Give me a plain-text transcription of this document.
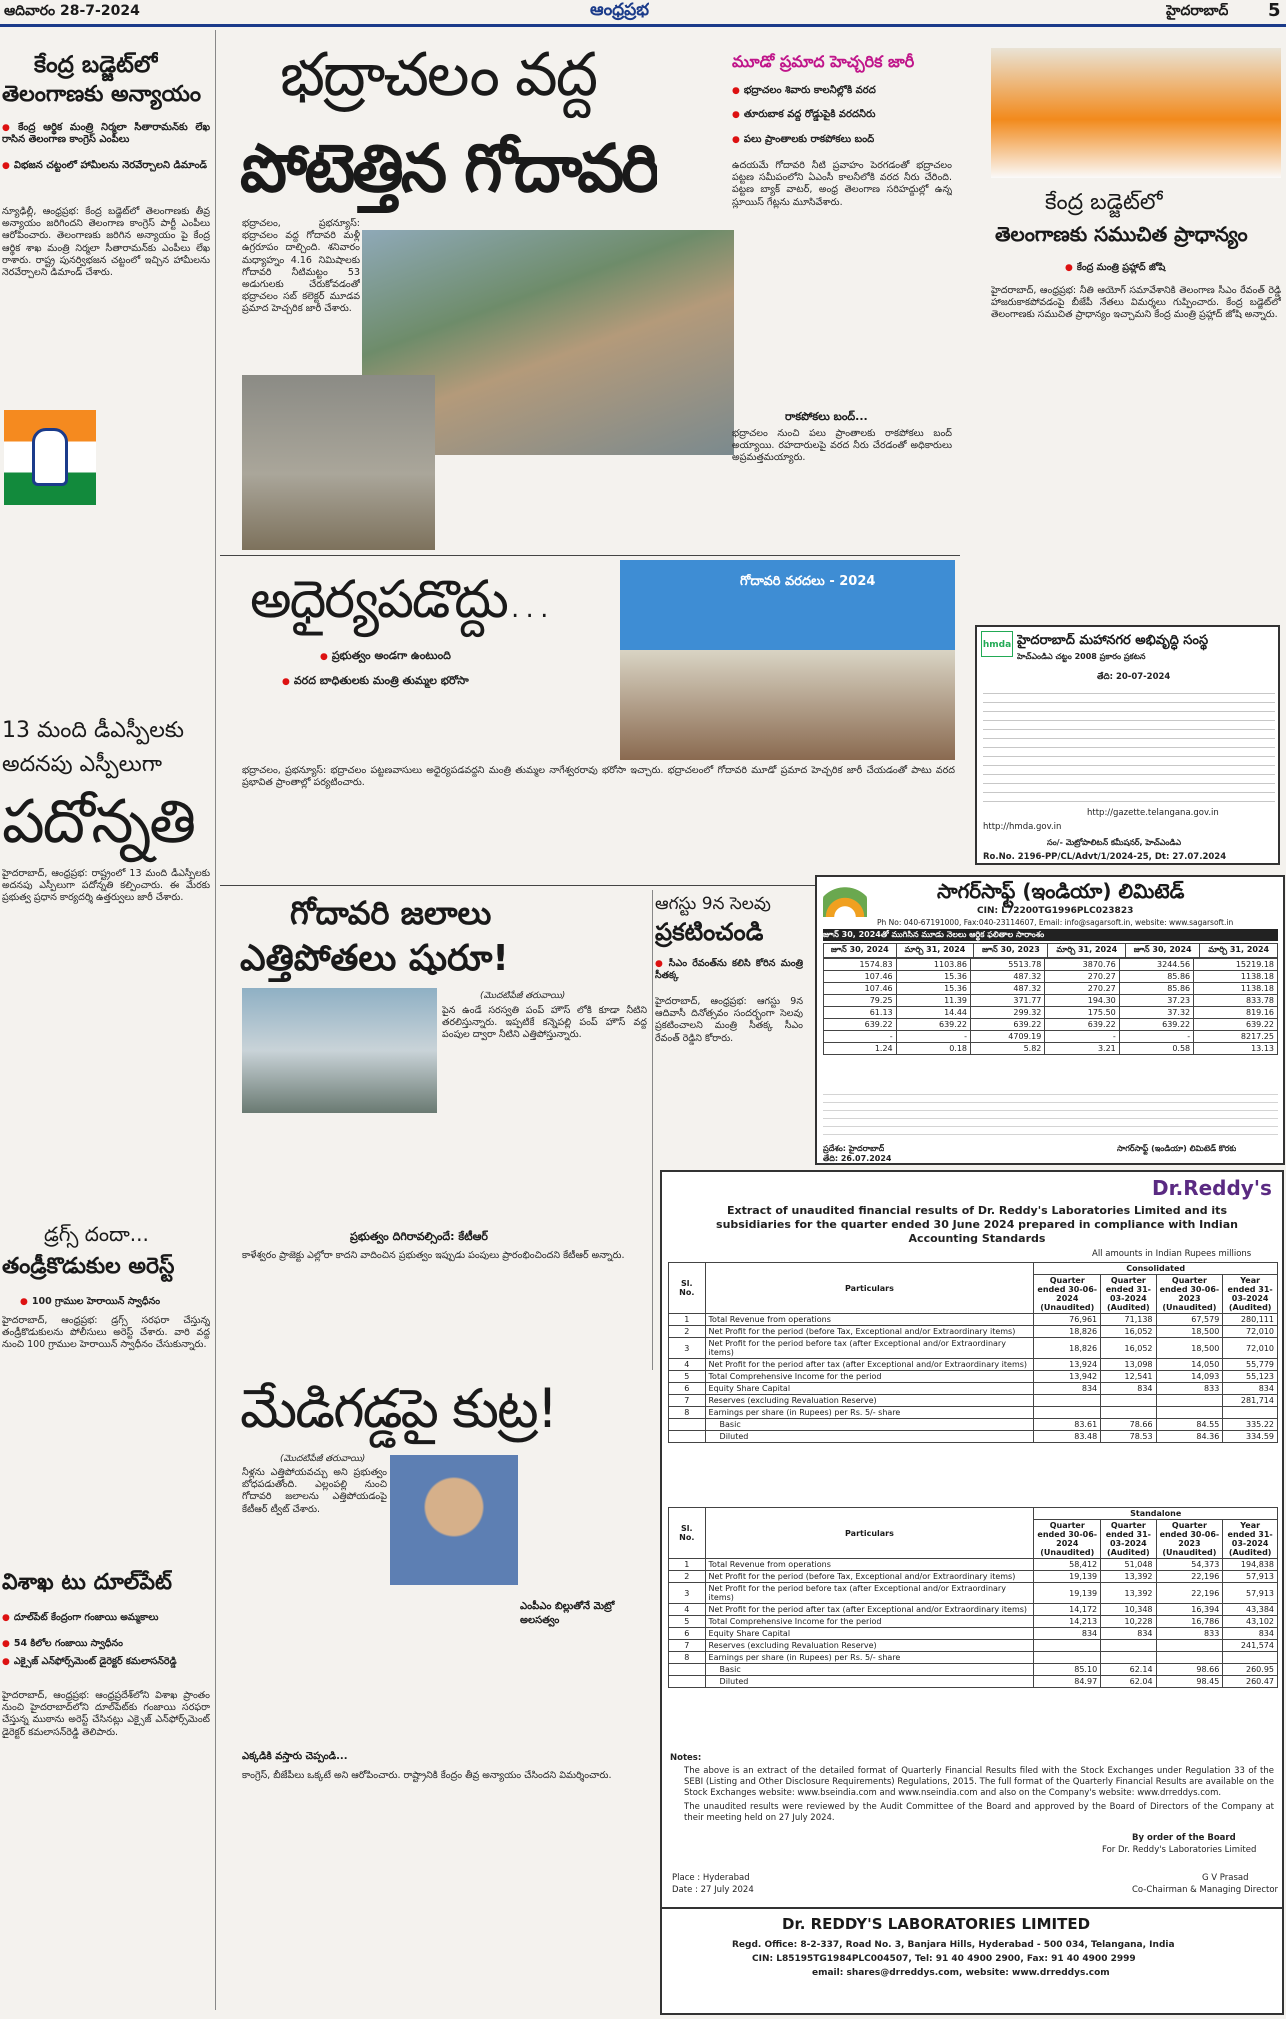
ఆదివారం 28-7-2024	ఆంధ్రప్రభ	హైదరాబాద్ 5
కేంద్ర బడ్జెట్‌లో
తెలంగాణకు అన్యాయం
● కేంద్ర ఆర్థిక మంత్రి నిర్మలా సీతారామన్‌కు లేఖ రాసిన తెలంగాణ కాంగ్రెస్ ఎంపీలు
● విభజన చట్టంలో హామీలను నెరవేర్చాలని డిమాండ్
న్యూఢిల్లీ, ఆంధ్రప్రభ: కేంద్ర బడ్జెట్‌లో తెలంగాణకు తీవ్ర అన్యాయం జరిగిందని తెలంగాణ కాంగ్రెస్ పార్టీ ఎంపీలు ఆరోపించారు. తెలంగాణకు జరిగిన అన్యాయం పై కేంద్ర ఆర్థిక శాఖ మంత్రి నిర్మలా సీతారామన్‌కు ఎంపీలు లేఖ రాశారు. రాష్ట్ర పునర్విభజన చట్టంలో ఇచ్చిన హామీలను నెరవేర్చాలని డిమాండ్ చేశారు.
13 మంది డీఎస్పీలకు అదనపు ఎస్పీలుగా
పదోన్నతి
హైదరాబాద్, ఆంధ్రప్రభ: రాష్ట్రంలో 13 మంది డీఎస్పీలకు అదనపు ఎస్పీలుగా పదోన్నతి కల్పించారు. ఈ మేరకు ప్రభుత్వ ప్రధాన కార్యదర్శి ఉత్తర్వులు జారీ చేశారు.
డ్రగ్స్ దందా...
తండ్రీకొడుకుల అరెస్ట్
● 100 గ్రాముల హెరాయిన్ స్వాధీనం
హైదరాబాద్, ఆంధ్రప్రభ: డ్రగ్స్ సరఫరా చేస్తున్న తండ్రీకొడుకులను పోలీసులు అరెస్ట్ చేశారు. వారి వద్ద నుంచి 100 గ్రాముల హెరాయిన్ స్వాధీనం చేసుకున్నారు.
విశాఖ టు దూల్‌పేట్
● దూల్‌పేట్ కేంద్రంగా గంజాయి అమ్మకాలు
● 54 కిలోల గంజాయి స్వాధీనం
● ఎక్సైజ్ ఎన్‌ఫోర్స్‌మెంట్ డైరెక్టర్ కమలాసన్‌రెడ్డి
హైదరాబాద్, ఆంధ్రప్రభ: ఆంధ్రప్రదేశ్‌లోని విశాఖ ప్రాంతం నుంచి హైదరాబాద్‌లోని దూల్‌పేట్‌కు గంజాయి సరఫరా చేస్తున్న ముఠాను అరెస్ట్ చేసినట్లు ఎక్సైజ్ ఎన్‌ఫోర్స్‌మెంట్ డైరెక్టర్ కమలాసన్‌రెడ్డి తెలిపారు.
భద్రాచలం వద్ద
పోటెత్తిన గోదావరి
మూడో ప్రమాద హెచ్చరిక జారీ
● భద్రాచలం శివారు కాలనీల్లోకి వరద
● తూరుబాక వద్ద రోడ్డుపైకి వరదనీరు
● పలు ప్రాంతాలకు రాకపోకలు బంద్
ఉదయమే గోదావరి నీటి ప్రవాహం పెరగడంతో భద్రాచలం పట్టణ సమీపంలోని ఏఎంసీ కాలనీలోకి వరద నీరు చేరింది. పట్టణ బ్యాక్ వాటర్, అంధ్ర తెలంగాణ సరిహద్దుల్లో ఉన్న స్లూయిస్ గేట్లను మూసివేశారు.
భద్రాచలం, ప్రభన్యూస్: భద్రాచలం వద్ద గోదావరి మళ్లీ ఉగ్రరూపం దాల్చింది. శనివారం మధ్యాహ్నం 4.16 నిమిషాలకు గోదావరి నీటిమట్టం 53 అడుగులకు చేరుకోవడంతో భద్రాచలం సబ్ కలెక్టర్ మూడవ ప్రమాద హెచ్చరిక జారీ చేశారు.
రాకపోకలు బంద్...
భద్రాచలం నుంచి పలు ప్రాంతాలకు రాకపోకలు బంద్ అయ్యాయి. రహదారులపై వరద నీరు చేరడంతో అధికారులు అప్రమత్తమయ్యారు.
అధైర్యపడొద్దు...
● ప్రభుత్వం అండగా ఉంటుంది
● వరద బాధితులకు మంత్రి తుమ్మల భరోసా
గోదావరి వరదలు - 2024
భద్రాచలం, ప్రభన్యూస్: భద్రాచలం పట్టణవాసులు అధైర్యపడవద్దని మంత్రి తుమ్మల నాగేశ్వరరావు భరోసా ఇచ్చారు. భద్రాచలంలో గోదావరి మూడో ప్రమాద హెచ్చరిక జారీ చేయడంతో పాటు వరద ప్రభావిత ప్రాంతాల్లో పర్యటించారు.
గోదావరి జలాలు
ఎత్తిపోతలు షురూ!
(మొదటిపేజీ తరువాయి)
పైన ఉండే సరస్వతి పంప్ హౌస్ లోకి కూడా నీటిని తరలిస్తున్నారు. ఇప్పటికే కన్నెపల్లి పంప్ హౌస్ వద్ద పంపుల ద్వారా నీటిని ఎత్తిపోస్తున్నారు.
ప్రభుత్వం దిగిరావ‌ల్సిందే: కేటీఆర్
కాళేశ్వరం ప్రాజెక్టు ఎల్లోరా కాదని వాదించిన ప్రభుత్వం ఇప్పుడు పంపులు ప్రారంభించిందని కేటీఆర్ అన్నారు.
ఆగస్టు 9న సెలవు
ప్రకటించండి
● సీఎం రేవంత్‌ను కలిసి కోరిన మంత్రి సీతక్క
హైదరాబాద్, ఆంధ్రప్రభ: ఆగస్టు 9న ఆదివాసీ దినోత్సవం సందర్భంగా సెలవు ప్రకటించాలని మంత్రి సీతక్క సీఎం రేవంత్ రెడ్డిని కోరారు.
మేడిగడ్డపై కుట్ర!
(మొదటిపేజీ తరువాయి)
నీళ్లను ఎత్తిపోయవచ్చు అని ప్రభుత్వం బోధపడుతోంది. ఎల్లంపల్లి నుంచి గోదావరి జలాలను ఎత్తిపోయడంపై కేటీఆర్ ట్వీట్ చేశారు.
ఎంపీఎం బిల్లుతోనే మెట్రో అలసత్వం
ఎక్కడికి వస్తారు చెప్పండి...
కాంగ్రెస్, బీజేపీలు ఒక్కటే అని ఆరోపించారు. రాష్ట్రానికి కేంద్రం తీవ్ర అన్యాయం చేసిందని విమర్శించారు.
కేంద్ర బడ్జెట్‌లో
తెలంగాణకు సముచిత ప్రాధాన్యం
● కేంద్ర మంత్రి ప్రహ్లాద్ జోషి
హైదరాబాద్, ఆంధ్రప్రభ: నీతి ఆయోగ్ సమావేశానికి తెలంగాణ సీఎం రేవంత్ రెడ్డి హాజరుకాకపోవడంపై బీజేపీ నేతలు విమర్శలు గుప్పించారు. కేంద్ర బడ్జెట్‌లో తెలంగాణకు సముచిత ప్రాధాన్యం ఇచ్చామని కేంద్ర మంత్రి ప్రహ్లాద్ జోషి అన్నారు.
hmda హైదరాబాద్ మహానగర అభివృద్ధి సంస్థ
హెచ్ఎండిఎ చట్టం 2008 ప్రకారం ప్రకటన
తేది: 20-07-2024
http://gazette.telangana.gov.in
http://hmda.gov.in
సం/- మెట్రోపాలిటన్ కమీషనర్, హెచ్ఎండిఎ
Ro.No. 2196-PP/CL/Advt/1/2024-25, Dt: 27.07.2024
సాగర్‌సాఫ్ట్ (ఇండియా) లిమిటెడ్
CIN: L72200TG1996PLC023823
Ph No: 040-67191000, Fax:040-23114607, Email: info@sagarsoft.in, website: www.sagarsoft.in
జూన్ 30, 2024తో ముగిసిన మూడు నెలలు ఆర్థిక ఫలితాల సారాంశం
జూన్ 30, 2024	మార్చి 31, 2024	జూన్ 30, 2023	మార్చి 31, 2024	జూన్ 30, 2024	మార్చి 31, 2024
1574.83	1103.86	5513.78	3870.76	3244.56	15219.18
107.46	15.36	487.32	270.27	85.86	1138.18
107.46	15.36	487.32	270.27	85.86	1138.18
79.25	11.39	371.77	194.30	37.23	833.78
61.13	14.44	299.32	175.50	37.32	819.16
639.22	639.22	639.22	639.22	639.22	639.22
-	-	4709.19	-	-	8217.25
1.24	0.18	5.82	3.21	0.58	13.13
ప్రదేశం: హైదరాబాద్
తేది: 26.07.2024
సాగర్‌సాఫ్ట్ (ఇండియా) లిమిటెడ్ కొరకు
Dr.Reddy's
Extract of unaudited financial results of Dr. Reddy's Laboratories Limited and its subsidiaries for the quarter ended 30 June 2024 prepared in compliance with Indian Accounting Standards
All amounts in Indian Rupees millions
Sl. No.	Particulars	Consolidated			
		Quarter ended 30-06-2024 (Unaudited)	Quarter ended 31-03-2024 (Audited)	Quarter ended 30-06-2023 (Unaudited)	Year ended 31-03-2024 (Audited)
1	Total Revenue from operations	76,961	71,138	67,579	280,111
2	Net Profit for the period (before Tax, Exceptional and/or Extraordinary items)	18,826	16,052	18,500	72,010
3	Net Profit for the period before tax (after Exceptional and/or Extraordinary items)	18,826	16,052	18,500	72,010
4	Net Profit for the period after tax (after Exceptional and/or Extraordinary items)	13,924	13,098	14,050	55,779
5	Total Comprehensive Income for the period	13,942	12,541	14,093	55,123
6	Equity Share Capital	834	834	833	834
7	Reserves (excluding Revaluation Reserve)				281,714
8	Earnings per share (in Rupees) per Rs. 5/- share				
	Basic	83.61	78.66	84.55	335.22
	Diluted	83.48	78.53	84.36	334.59
Sl. No.	Particulars	Standalone			
		Quarter ended 30-06-2024 (Unaudited)	Quarter ended 31-03-2024 (Audited)	Quarter ended 30-06-2023 (Unaudited)	Year ended 31-03-2024 (Audited)
1	Total Revenue from operations	58,412	51,048	54,373	194,838
2	Net Profit for the period (before Tax, Exceptional and/or Extraordinary items)	19,139	13,392	22,196	57,913
3	Net Profit for the period before tax (after Exceptional and/or Extraordinary items)	19,139	13,392	22,196	57,913
4	Net Profit for the period after tax (after Exceptional and/or Extraordinary items)	14,172	10,348	16,394	43,384
5	Total Comprehensive Income for the period	14,213	10,228	16,786	43,102
6	Equity Share Capital	834	834	833	834
7	Reserves (excluding Revaluation Reserve)				241,574
8	Earnings per share (in Rupees) per Rs. 5/- share				
	Basic	85.10	62.14	98.66	260.95
	Diluted	84.97	62.04	98.45	260.47
Notes:
The above is an extract of the detailed format of Quarterly Financial Results filed with the Stock Exchanges under Regulation 33 of the SEBI (Listing and Other Disclosure Requirements) Regulations, 2015. The full format of the Quarterly Financial Results are available on the Stock Exchanges website: www.bseindia.com and www.nseindia.com and also on the Company's website: www.drreddys.com.
The unaudited results were reviewed by the Audit Committee of the Board and approved by the Board of Directors of the Company at their meeting held on 27 July 2024.
By order of the Board
For Dr. Reddy's Laboratories Limited
Place : Hyderabad
Date : 27 July 2024
G V Prasad
Co-Chairman & Managing Director
Dr. REDDY'S LABORATORIES LIMITED
Regd. Office: 8-2-337, Road No. 3, Banjara Hills, Hyderabad - 500 034, Telangana, India
CIN: L85195TG1984PLC004507, Tel: 91 40 4900 2900, Fax: 91 40 4900 2999
email: shares@drreddys.com, website: www.drreddys.com
